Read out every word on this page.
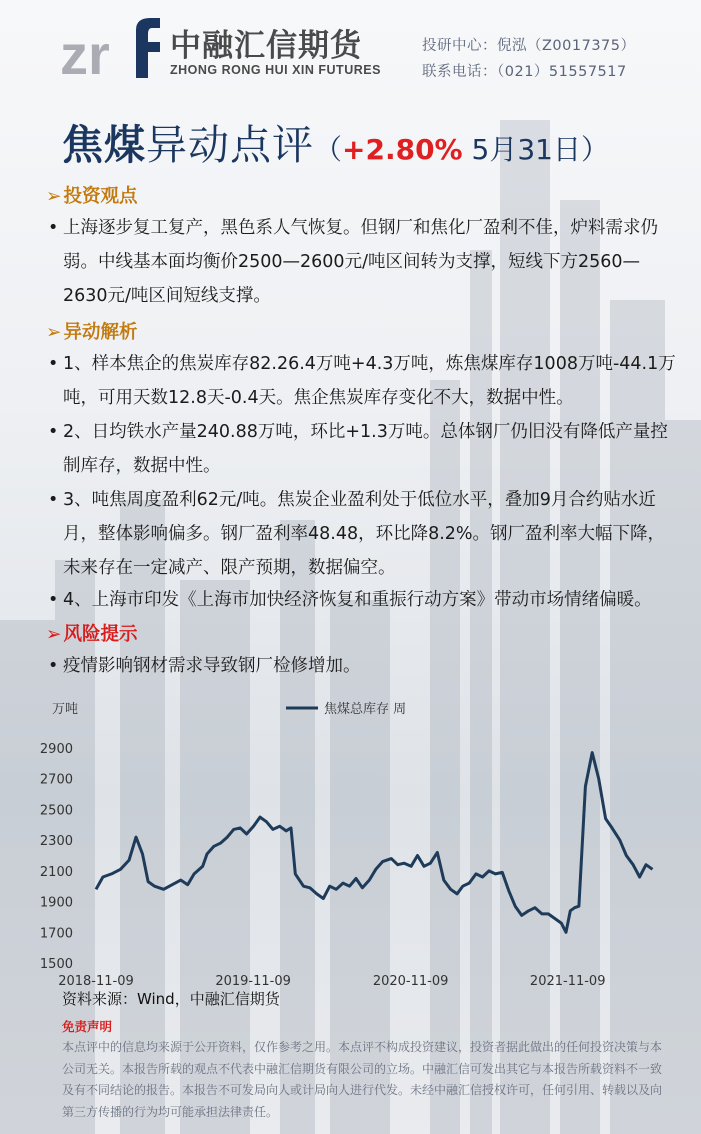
zr 中融汇信期货
ZHONG RONG HUI XIN FUTURES
投研中心：倪泓（Z0017375）
联系电话：（021）51557517
焦煤异动点评（+2.80% 5月31日）
➢ 投资观点
• 上海逐步复工复产，黑色系人气恢复。但钢厂和焦化厂盈利不佳，炉料需求仍弱。中线基本面均衡价2500—2600元/吨区间转为支撑，短线下方2560—2630元/吨区间短线支撑。
➢ 异动解析
• 1、样本焦企的焦炭库存82.26.4万吨+4.3万吨，炼焦煤库存1008万吨-44.1万吨，可用天数12.8天-0.4天。焦企焦炭库存变化不大，数据中性。
• 2、日均铁水产量240.88万吨，环比+1.3万吨。总体钢厂仍旧没有降低产量控制库存，数据中性。
• 3、吨焦周度盈利62元/吨。焦炭企业盈利处于低位水平，叠加9月合约贴水近月，整体影响偏多。钢厂盈利率48.48，环比降8.2%。钢厂盈利率大幅下降，未来存在一定减产、限产预期，数据偏空。
• 4、上海市印发《上海市加快经济恢复和重振行动方案》带动市场情绪偏暖。
➢ 风险提示
• 疫情影响钢材需求导致钢厂检修增加。
万吨	焦煤总库存 周
1500
1700
1900
2100
2300
2500
2700
2900
2018-11-09	2019-11-09	2020-11-09	2021-11-09
资料来源：Wind，中融汇信期货
免责声明
本点评中的信息均来源于公开资料，仅作参考之用。本点评不构成投资建议，投资者据此做出的任何投资决策与本公司无关。本报告所载的观点不代表中融汇信期货有限公司的立场。中融汇信可发出其它与本报告所载资料不一致及有不同结论的报告。本报告不可发局向人或计局向人进行代发。未经中融汇信授权许可，任何引用、转载以及向第三方传播的行为均可能承担法律责任。
